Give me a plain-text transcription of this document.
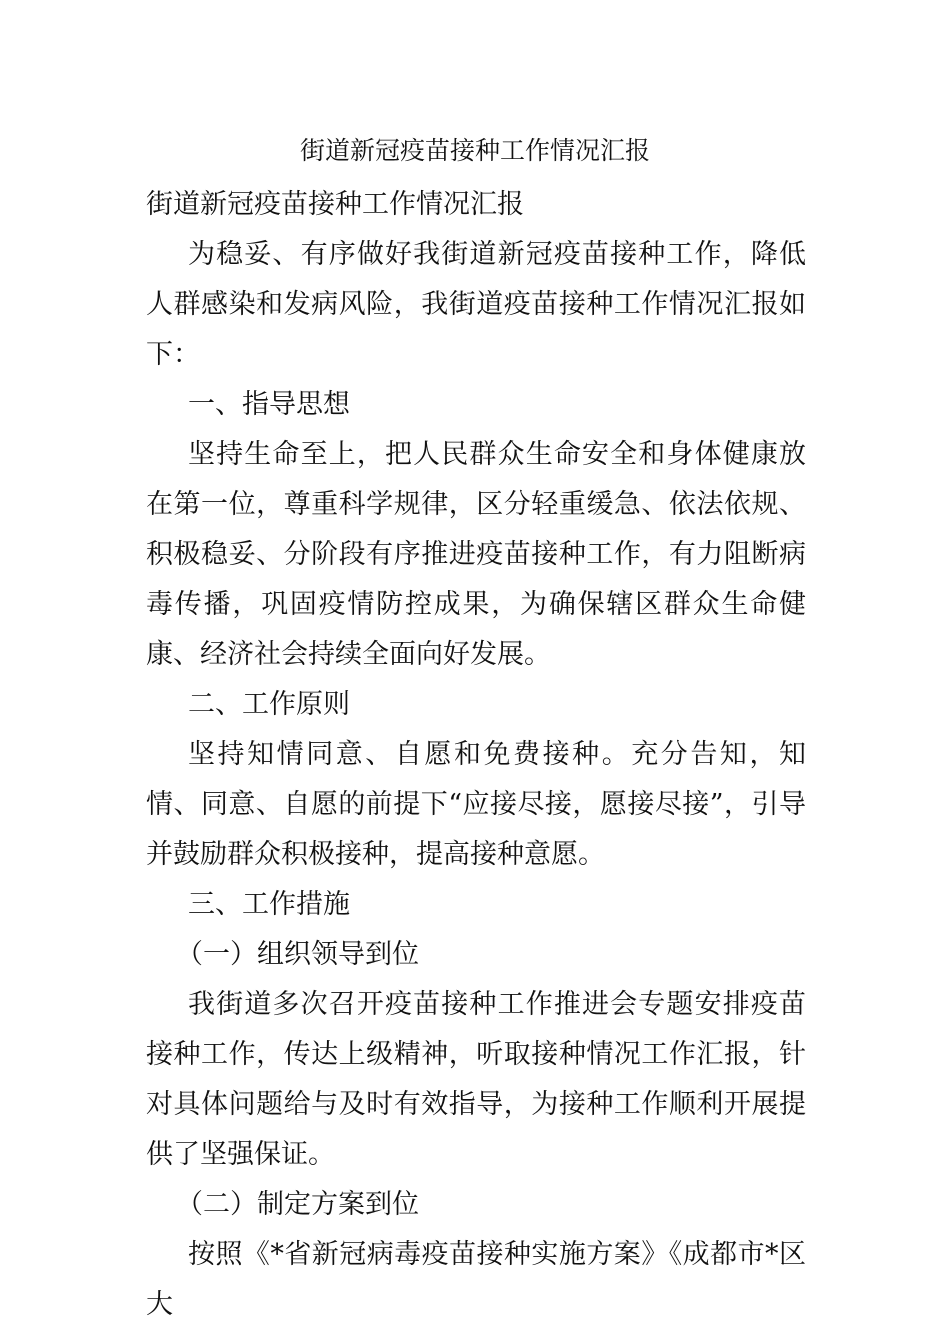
街道新冠疫苗接种工作情况汇报

街道新冠疫苗接种工作情况汇报

为稳妥、有序做好我街道新冠疫苗接种工作，降低人群感染和发病风险，我街道疫苗接种工作情况汇报如下：

一、指导思想

坚持生命至上，把人民群众生命安全和身体健康放在第一位，尊重科学规律，区分轻重缓急、依法依规、积极稳妥、分阶段有序推进疫苗接种工作，有力阻断病毒传播，巩固疫情防控成果，为确保辖区群众生命健康、经济社会持续全面向好发展。

二、工作原则

坚持知情同意、自愿和免费接种。充分告知，知情、同意、自愿的前提下“应接尽接，愿接尽接”，引导并鼓励群众积极接种，提高接种意愿。

三、工作措施

（一）组织领导到位

我街道多次召开疫苗接种工作推进会专题安排疫苗接种工作，传达上级精神，听取接种情况工作汇报，针对具体问题给与及时有效指导，为接种工作顺利开展提供了坚强保证。

（二）制定方案到位

按照《*省新冠病毒疫苗接种实施方案》《成都市*区大
